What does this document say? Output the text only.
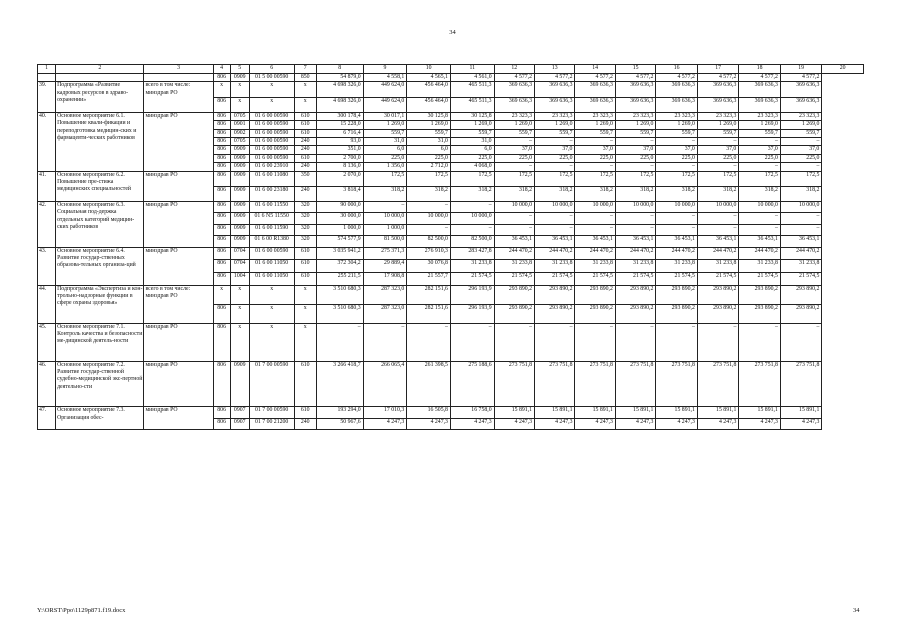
34
1	2	3	4	5	6	7	8	9	10	11	12	13	14	15	16	17	18	19	20
			806	0909	01 5 00 00590	850	54 879,0	4 558,1	4 565,1	4 561,0	4 577,2	4 577,2	4 577,2	4 577,2	4 577,2	4 577,2	4 577,2	4 577,2	
39.	Подпрограмма «Развитие кадровых ресурсов в здраво-охранении»	всего в том числе: минздрав РО	x	x	x	x	4 698 326,0	449 624,0	456 464,0	465 511,3	369 636,3	369 636,3	369 636,3	369 636,3	369 636,3	369 636,3	369 636,3	369 636,3	
			806	x	x	x	4 698 326,0	449 624,0	456 464,0	465 511,3	369 636,3	369 636,3	369 636,3	369 636,3	369 636,3	369 636,3	369 636,3	369 636,3	
40.	Основное мероприятие 6.1. Повышение квали-фикации и переподготовка медицин-ских и фармацевти-ческих работников	минздрав РО	806	0705	01 6 00 00590	610	300 178,4	30 017,1	30 125,8	30 125,8	23 323,3	23 323,3	23 323,3	23 323,3	23 323,3	23 323,3	23 323,3	23 323,3	
			806	0901	01 6 00 00590	610	15 228,0	1 269,0	1 269,0	1 269,0	1 269,0	1 269,0	1 269,0	1 269,0	1 269,0	1 269,0	1 269,0	1 269,0	
			806	0902	01 6 00 00590	610	6 716,4	559,7	559,7	559,7	559,7	559,7	559,7	559,7	559,7	559,7	559,7	559,7	
			806	0705	01 6 00 00590	240	93,0	31,0	31,0	31,0	–	–	–	–	–	–	–	–	
			806	0909	01 6 00 00590	240	351,0	6,0	6,0	6,0	37,0	37,0	37,0	37,0	37,0	37,0	37,0	37,0	
			806	0909	01 6 00 00590	610	2 700,0	225,0	225,0	225,0	225,0	225,0	225,0	225,0	225,0	225,0	225,0	225,0	
			806	0909	01 6 00 23910	240	8 136,0	1 356,0	2 712,0	4 068,0	–	–	–	–	–	–	–	–	
41.	Основное мероприятие 6.2. Повышение пре-стижа медицинских специальностей	минздрав РО	806	0909	01 6 00 11080	350	2 070,0	172,5	172,5	172,5	172,5	172,5	172,5	172,5	172,5	172,5	172,5	172,5	
			806	0909	01 6 00 23180	240	3 818,4	318,2	318,2	318,2	318,2	318,2	318,2	318,2	318,2	318,2	318,2	318,2	
42.	Основное мероприятие 6.3. Социальная под-держка отдельных категорий медицин-ских работников	минздрав РО	806	0909	01 6 00 11550	320	90 000,0	–	–	–	10 000,0	10 000,0	10 000,0	10 000,0	10 000,0	10 000,0	10 000,0	10 000,0	
			806	0909	01 6 N5 11550	320	30 000,0	10 000,0	10 000,0	10 000,0	–	–	–	–	–	–	–	–	
			806	0909	01 6 00 11590	320	1 000,0	1 000,0	–	–	–	–	–	–	–	–	–	–	
			806	0909	01 6 00 R1380	320	574 577,9	81 500,0	82 500,0	82 500,0	36 453,1	36 453,1	36 453,1	36 453,1	36 453,1	36 453,1	36 453,1	36 453,1	
43.	Основное мероприятие 6.4. Развитие государ-ственных образова-тельных организа-ций	минздрав РО	806	0704	01 6 00 00590	610	3 035 941,2	275 371,3	276 910,3	283 427,8	244 470,2	244 470,2	244 470,2	244 470,2	244 470,2	244 470,2	244 470,2	244 470,2	
			806	0704	01 6 00 11050	610	372 304,2	29 889,4	30 076,8	31 233,8	31 233,8	31 233,8	31 233,8	31 233,8	31 233,8	31 233,8	31 233,8	31 233,8	
			806	1004	01 6 00 11050	610	255 211,5	17 908,8	21 557,7	21 574,5	21 574,5	21 574,5	21 574,5	21 574,5	21 574,5	21 574,5	21 574,5	21 574,5	
44.	Подпрограмма «Экспертиза и кон-трольно-надзорные функции в сфере охраны здоровья»	всего в том числе: минздрав РО	x	x	x	x	3 510 680,3	287 323,0	282 151,6	296 193,9	293 890,2	293 890,2	293 890,2	293 890,2	293 890,2	293 890,2	293 890,2	293 890,2	
			806	x	x	x	3 510 680,3	287 323,0	282 151,6	296 193,9	293 890,2	293 890,2	293 890,2	293 890,2	293 890,2	293 890,2	293 890,2	293 890,2	
45.	Основное мероприятие 7.1. Контроль качества и безопасности ме-дицинской деятель-ности	минздрав РО	806	x	x	x	–	–	–	–	–	–	–	–	–	–	–	–	
46.	Основное мероприятие 7.2. Развитие государ-ственной судебно-медицинской экс-пертной деятельно-сти	минздрав РО	806	0909	01 7 00 00590	610	3 266 418,7	266 065,4	261 398,5	275 188,6	273 751,8	273 751,8	273 751,8	273 751,8	273 751,8	273 751,8	273 751,8	273 751,8	
47.	Основное мероприятие 7.3. Организация обес-	минздрав РО	806	0907	01 7 00 00590	610	193 294,0	17 010,3	16 505,8	16 758,0	15 891,1	15 891,1	15 891,1	15 891,1	15 891,1	15 891,1	15 891,1	15 891,1	
			806	0907	01 7 00 21200	240	50 967,6	4 247,3	4 247,3	4 247,3	4 247,3	4 247,3	4 247,3	4 247,3	4 247,3	4 247,3	4 247,3	4 247,3	
Y:\ORST\Ppo\1129p871.f19.docx	34
